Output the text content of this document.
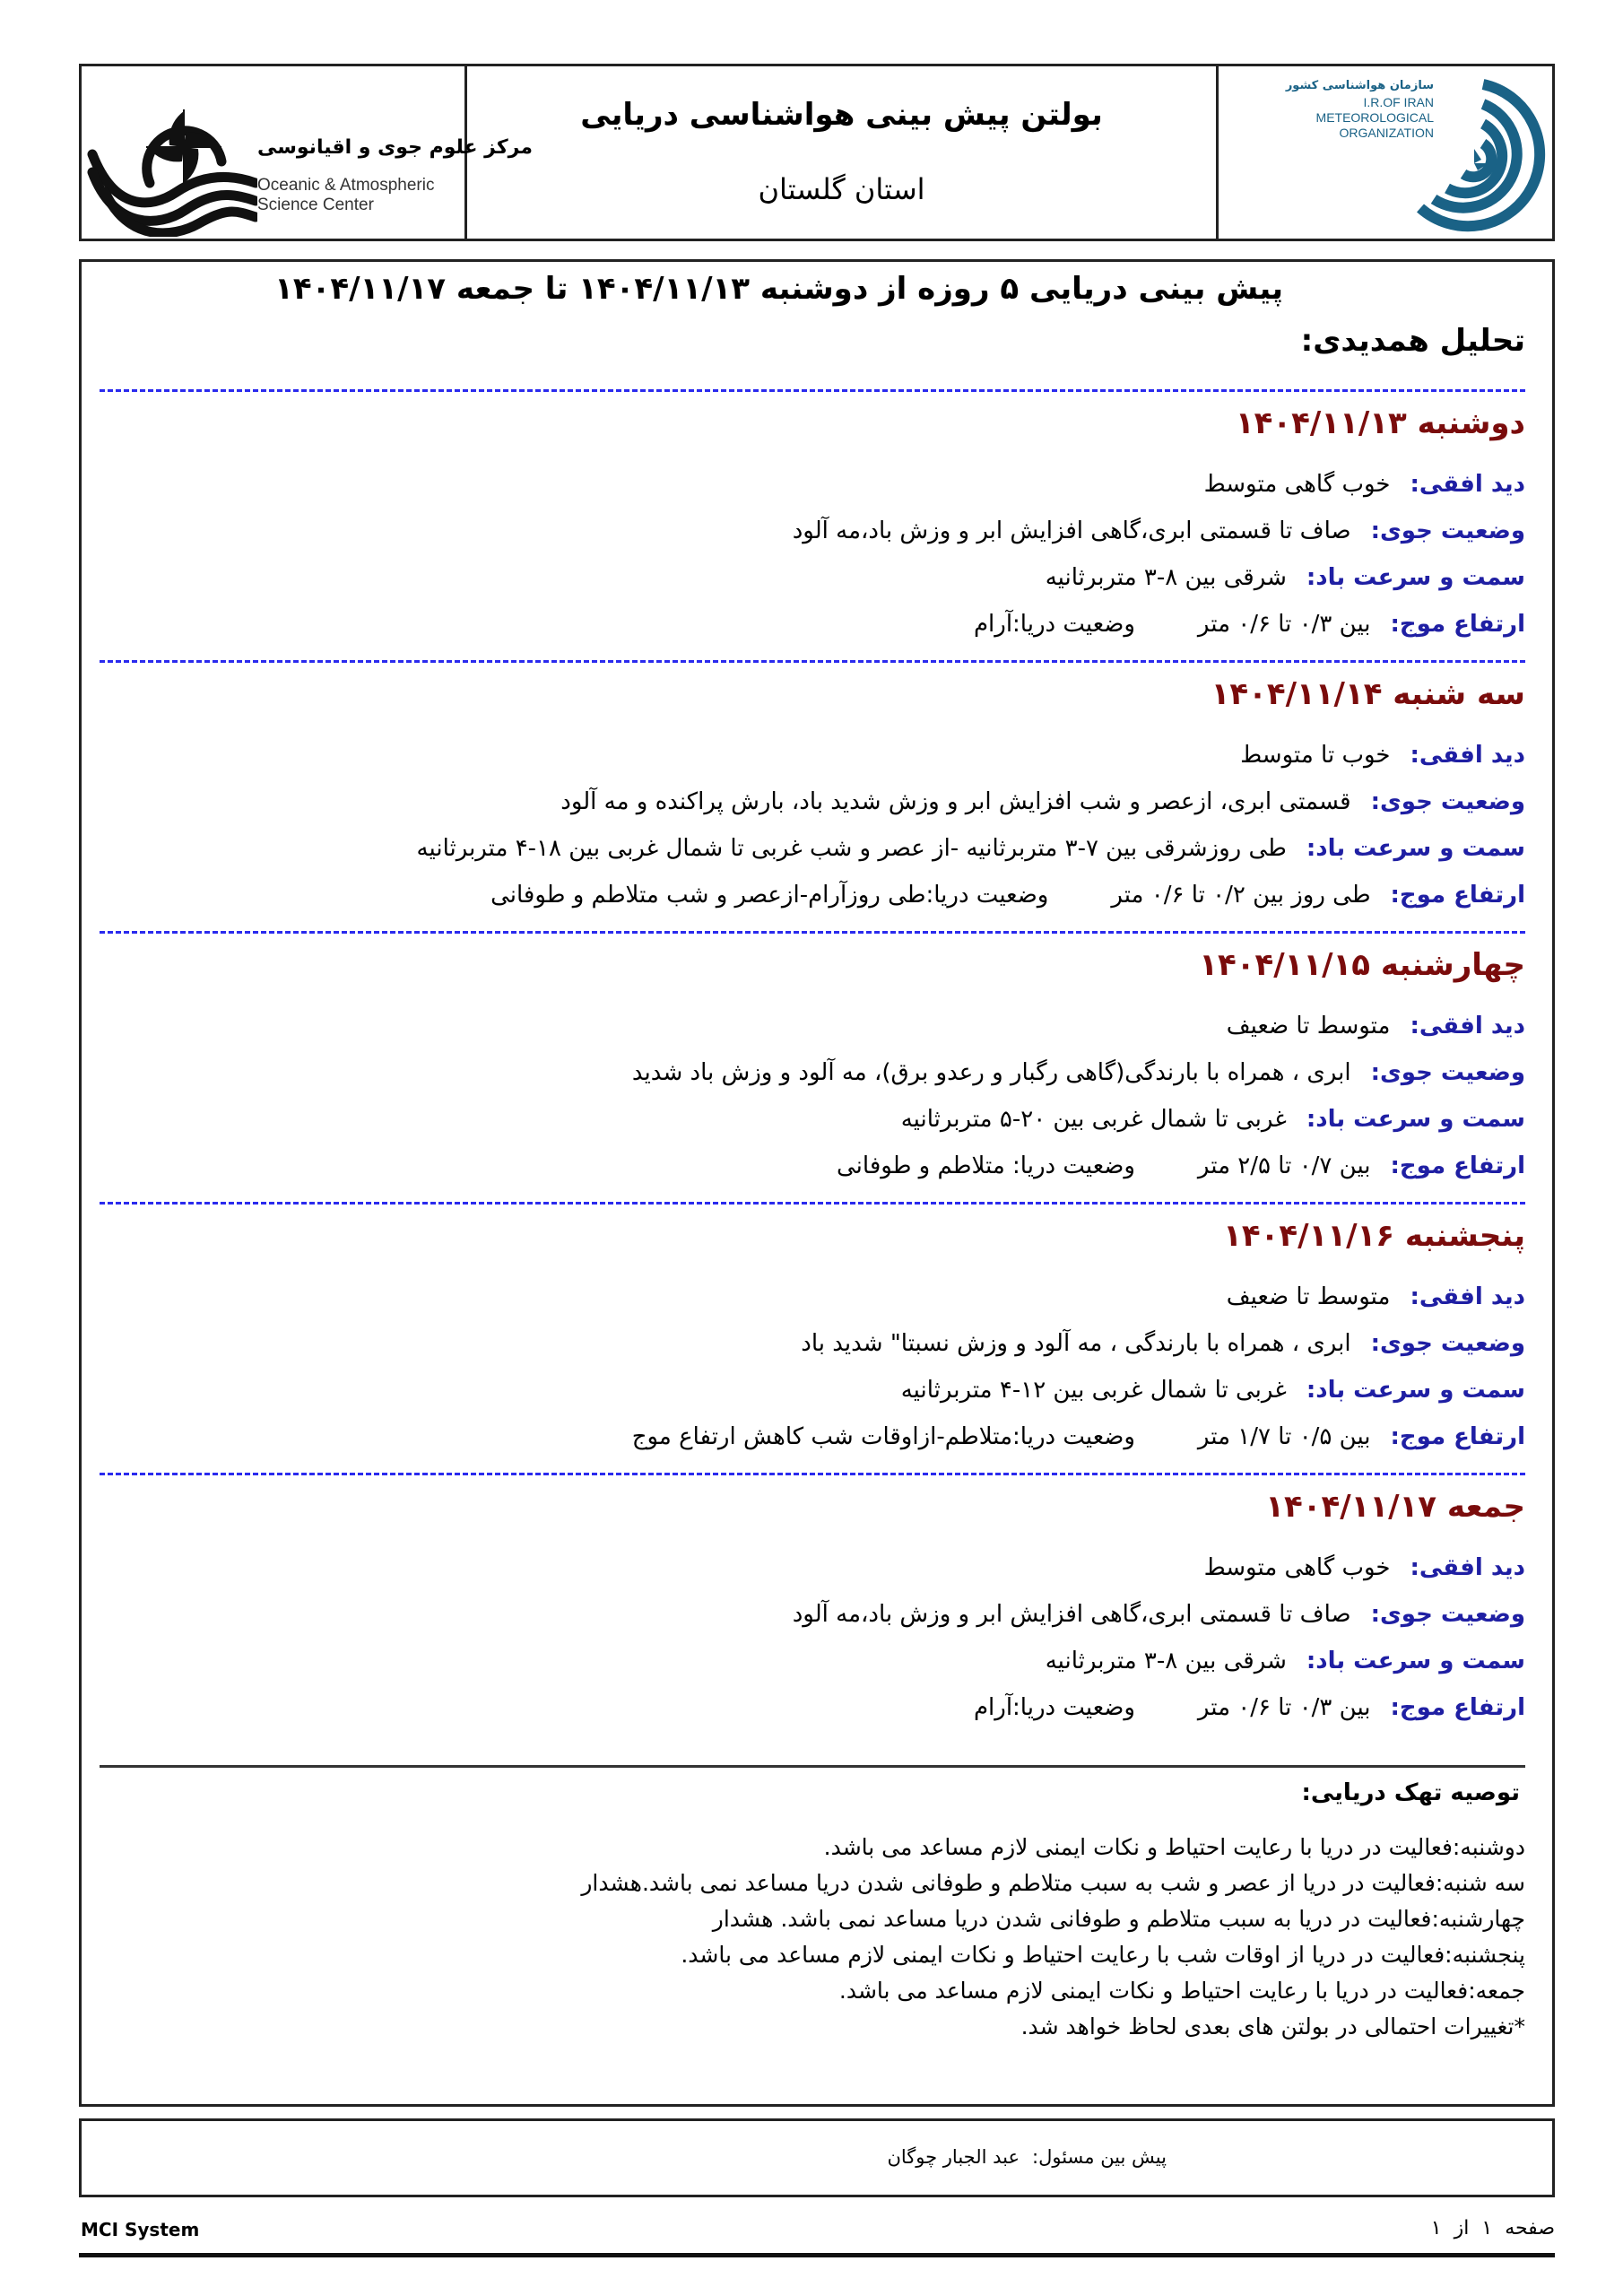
مرکز علوم جوی و اقیانوسی
Oceanic & Atmospheric
Science Center
بولتن پیش بینی هواشناسی دریایی
استان گلستان
سازمان هواشناسی کشور
I.R.OF IRAN
METEOROLOGICAL
ORGANIZATION
پیش بینی دریایی ۵ روزه از دوشنبه ۱۴۰۴/۱۱/۱۳ تا جمعه ۱۴۰۴/۱۱/۱۷
تحلیل همدیدی:
دوشنبه ۱۴۰۴/۱۱/۱۳
دید افقی:خوب گاهی متوسط
وضعیت جوی:صاف تا قسمتی ابری،گاهی افزایش ابر و وزش باد،مه آلود
سمت و سرعت باد:شرقی بین ۸-۳ متربرثانیه
ارتفاع موج:بین ۰/۳ تا ۰/۶ متروضعیت دریا:آرام
سه شنبه ۱۴۰۴/۱۱/۱۴
دید افقی:خوب تا متوسط
وضعیت جوی:قسمتی ابری، ازعصر و شب افزایش ابر و وزش شدید باد، بارش پراکنده و مه آلود
سمت و سرعت باد:طی روزشرقی بین ۷-۳ متربرثانیه -از عصر و شب غربی تا شمال غربی بین ۱۸-۴ متربرثانیه
ارتفاع موج:طی روز بین ۰/۲ تا ۰/۶ متروضعیت دریا:طی روزآرام-ازعصر و شب متلاطم و طوفانی
چهارشنبه ۱۴۰۴/۱۱/۱۵
دید افقی:متوسط تا ضعیف
وضعیت جوی:ابری ، همراه با بارندگی(گاهی رگبار و رعدو برق)، مه آلود و وزش باد شدید
سمت و سرعت باد:غربی تا شمال غربی بین ۲۰-۵ متربرثانیه
ارتفاع موج:بین ۰/۷ تا ۲/۵ متروضعیت دریا: متلاطم و طوفانی
پنجشنبه ۱۴۰۴/۱۱/۱۶
دید افقی:متوسط تا ضعیف
وضعیت جوی:ابری ، همراه با بارندگی ، مه آلود و وزش نسبتا" شدید باد
سمت و سرعت باد:غربی تا شمال غربی بین ۱۲-۴ متربرثانیه
ارتفاع موج:بین ۰/۵ تا ۱/۷ متروضعیت دریا:متلاطم-ازاوقات شب کاهش ارتفاع موج
جمعه ۱۴۰۴/۱۱/۱۷
دید افقی:خوب گاهی متوسط
وضعیت جوی:صاف تا قسمتی ابری،گاهی افزایش ابر و وزش باد،مه آلود
سمت و سرعت باد:شرقی بین ۸-۳ متربرثانیه
ارتفاع موج:بین ۰/۳ تا ۰/۶ متروضعیت دریا:آرام
توصیه تهک دریایی:
دوشنبه:فعالیت در دریا با رعایت احتیاط و نکات ایمنی لازم مساعد می باشد.
سه شنبه:فعالیت در دریا از عصر و شب به سبب متلاطم و طوفانی شدن دریا مساعد نمی باشد.هشدار
چهارشنبه:فعالیت در دریا به سبب متلاطم و طوفانی شدن دریا مساعد نمی باشد. هشدار
پنجشنبه:فعالیت در دریا از اوقات شب با رعایت احتیاط و نکات ایمنی لازم مساعد می باشد.
جمعه:فعالیت در دریا با رعایت احتیاط و نکات ایمنی لازم مساعد می باشد.
*تغییرات احتمالی در بولتن های بعدی لحاظ خواهد شد.
پیش بین مسئول:عبد الجبار چوگان
MCI System	صفحه۱از۱
